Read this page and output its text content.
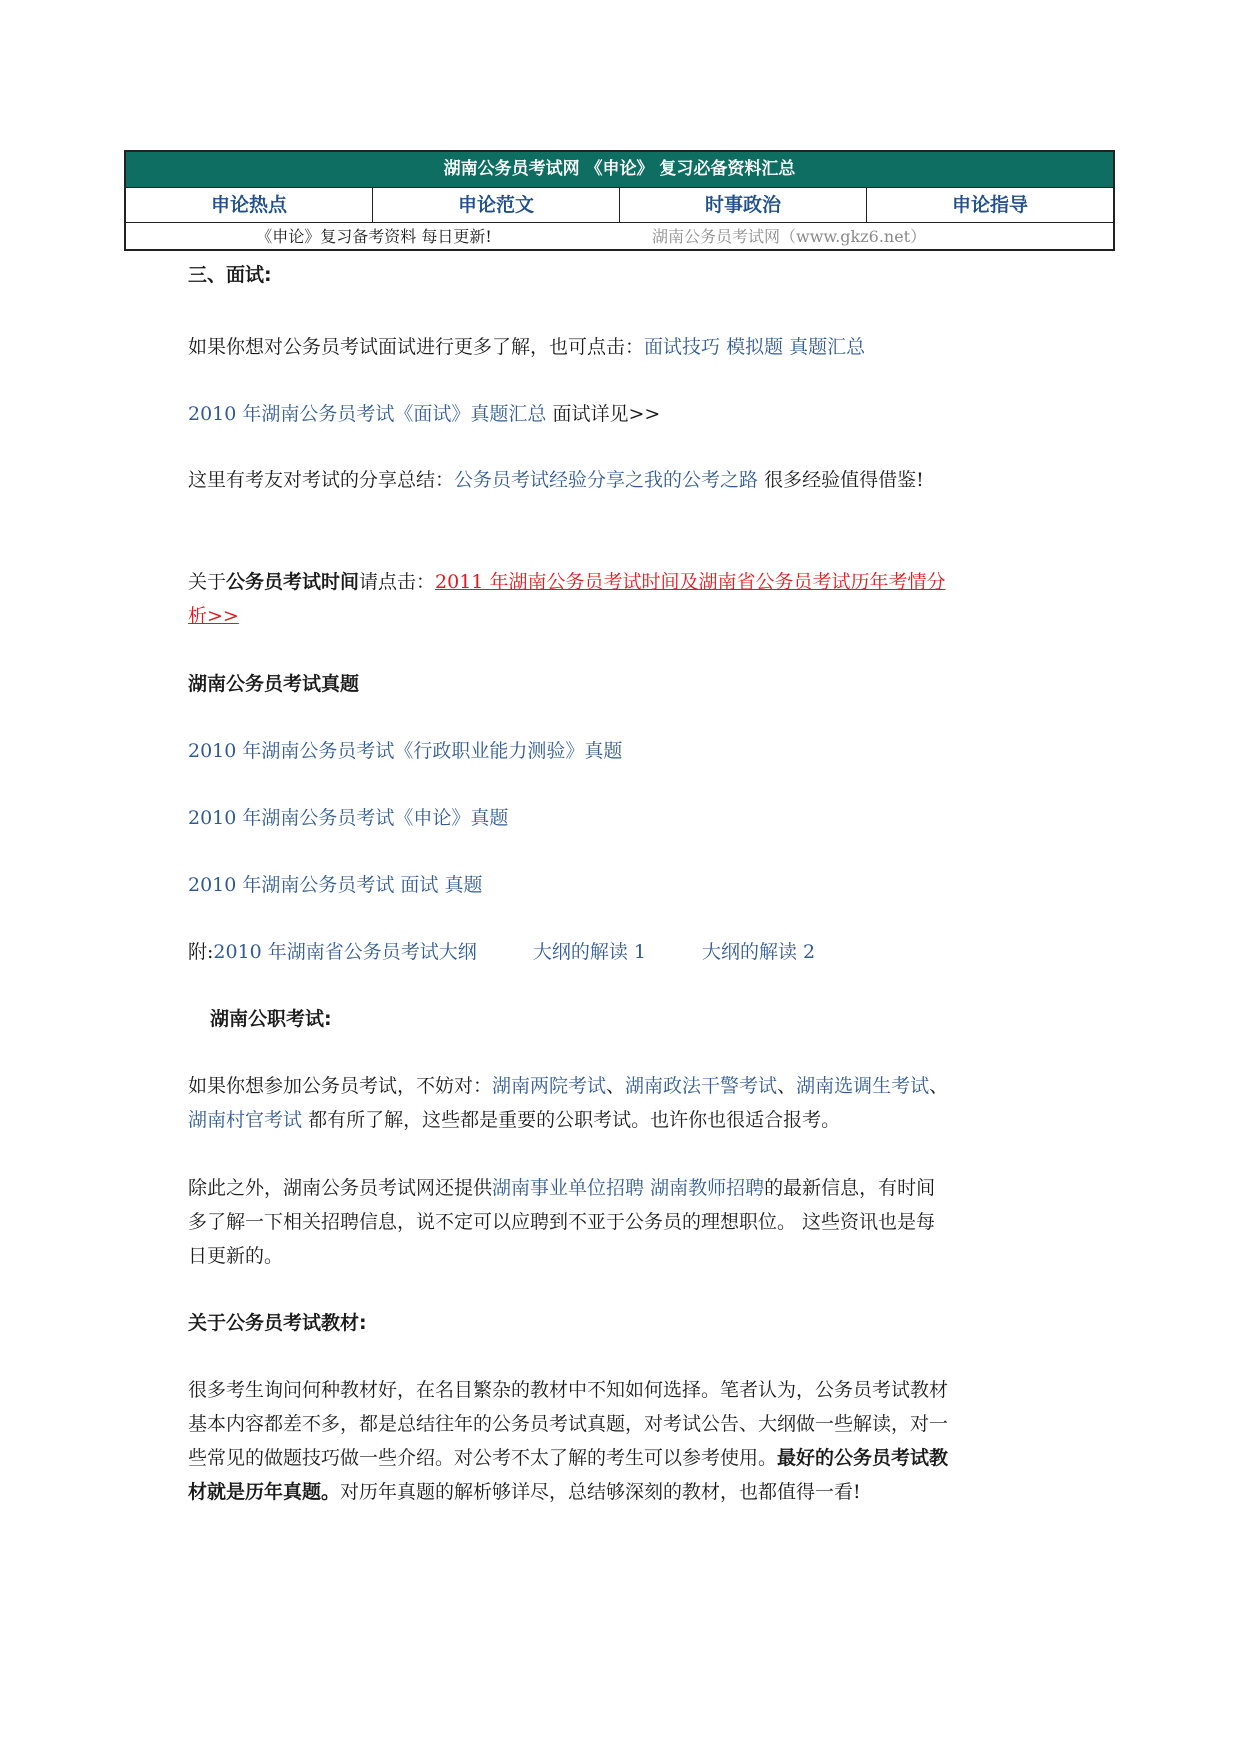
湖南公务员考试网 《申论》 复习必备资料汇总
申论热点	申论范文	时事政治	申论指导
《申论》复习备考资料 每日更新!	湖南公务员考试网（www.gkz6.net）
三、面试:
如果你想对公务员考试面试进行更多了解，也可点击：面试技巧 模拟题 真题汇总
2010 年湖南公务员考试《面试》真题汇总 面试详见>>
这里有考友对考试的分享总结：公务员考试经验分享之我的公考之路 很多经验值得借鉴!
关于公务员考试时间请点击：2011 年湖南公务员考试时间及湖南省公务员考试历年考情分
析>>
湖南公务员考试真题
2010 年湖南公务员考试《行政职业能力测验》真题
2010 年湖南公务员考试《申论》真题
2010 年湖南公务员考试 面试 真题
附:2010 年湖南省公务员考试大纲	大纲的解读 1	大纲的解读 2
湖南公职考试:
如果你想参加公务员考试，不妨对：湖南两院考试、湖南政法干警考试、湖南选调生考试、
湖南村官考试 都有所了解，这些都是重要的公职考试。也许你也很适合报考。
除此之外，湖南公务员考试网还提供湖南事业单位招聘 湖南教师招聘的最新信息，有时间
多了解一下相关招聘信息，说不定可以应聘到不亚于公务员的理想职位。 这些资讯也是每
日更新的。
关于公务员考试教材:
很多考生询问何种教材好，在名目繁杂的教材中不知如何选择。笔者认为，公务员考试教材
基本内容都差不多，都是总结往年的公务员考试真题，对考试公告、大纲做一些解读，对一
些常见的做题技巧做一些介绍。对公考不太了解的考生可以参考使用。最好的公务员考试教
材就是历年真题。对历年真题的解析够详尽，总结够深刻的教材，也都值得一看!
